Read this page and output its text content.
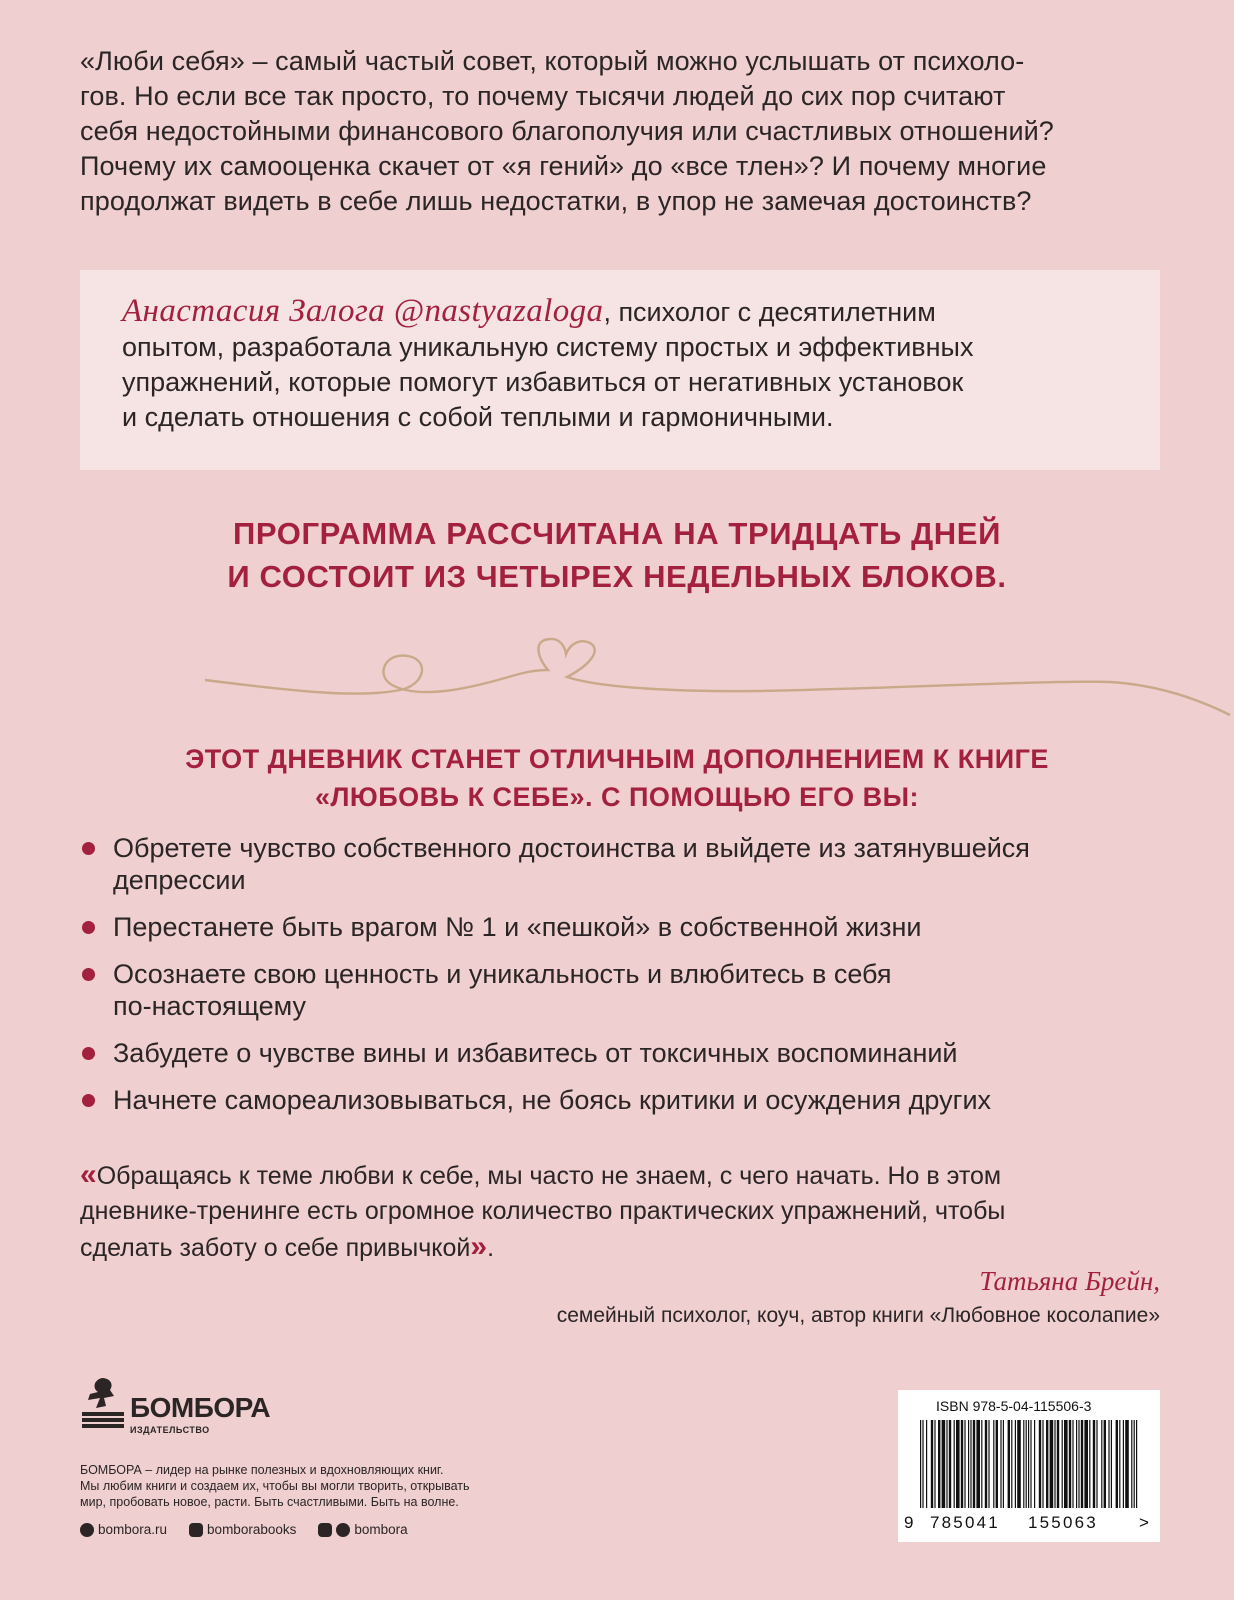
«Люби себя» – самый частый совет, который можно услышать от психоло-
гов. Но если все так просто, то почему тысячи людей до сих пор считают
себя недостойными финансового благополучия или счастливых отношений?
Почему их самооценка скачет от «я гений» до «все тлен»? И почему многие
продолжат видеть в себе лишь недостатки, в упор не замечая достоинств?
Анастасия Залога @nastyazaloga, психолог с десятилетним
опытом, разработала уникальную систему простых и эффективных
упражнений, которые помогут избавиться от негативных установок
и сделать отношения с собой теплыми и гармоничными.
ПРОГРАММА РАССЧИТАНА НА ТРИДЦАТЬ ДНЕЙ
И СОСТОИТ ИЗ ЧЕТЫРЕХ НЕДЕЛЬНЫХ БЛОКОВ.
ЭТОТ ДНЕВНИК СТАНЕТ ОТЛИЧНЫМ ДОПОЛНЕНИЕМ К КНИГЕ
«ЛЮБОВЬ К СЕБЕ». С ПОМОЩЬЮ ЕГО ВЫ:
Обретете чувство собственного достоинства и выйдете из затянувшейся
депрессии
Перестанете быть врагом № 1 и «пешкой» в собственной жизни
Осознаете свою ценность и уникальность и влюбитесь в себя
по-настоящему
Забудете о чувстве вины и избавитесь от токсичных воспоминаний
Начнете самореализовываться, не боясь критики и осуждения других
«Обращаясь к теме любви к себе, мы часто не знаем, с чего начать. Но в этом
дневнике-тренинге есть огромное количество практических упражнений, чтобы
сделать заботу о себе привычкой».
Татьяна Брейн,
семейный психолог, коуч, автор книги «Любовное косолапие»
БОМБОРА
ИЗДАТЕЛЬСТВО
БОМБОРА – лидер на рынке полезных и вдохновляющих книг.
Мы любим книги и создаем их, чтобы вы могли творить, открывать
мир, пробовать новое, расти. Быть счастливыми. Быть на волне.
bombora.ru	bomborabooks	bombora
ISBN 978-5-04-115506-3
9 785041 155063 >
